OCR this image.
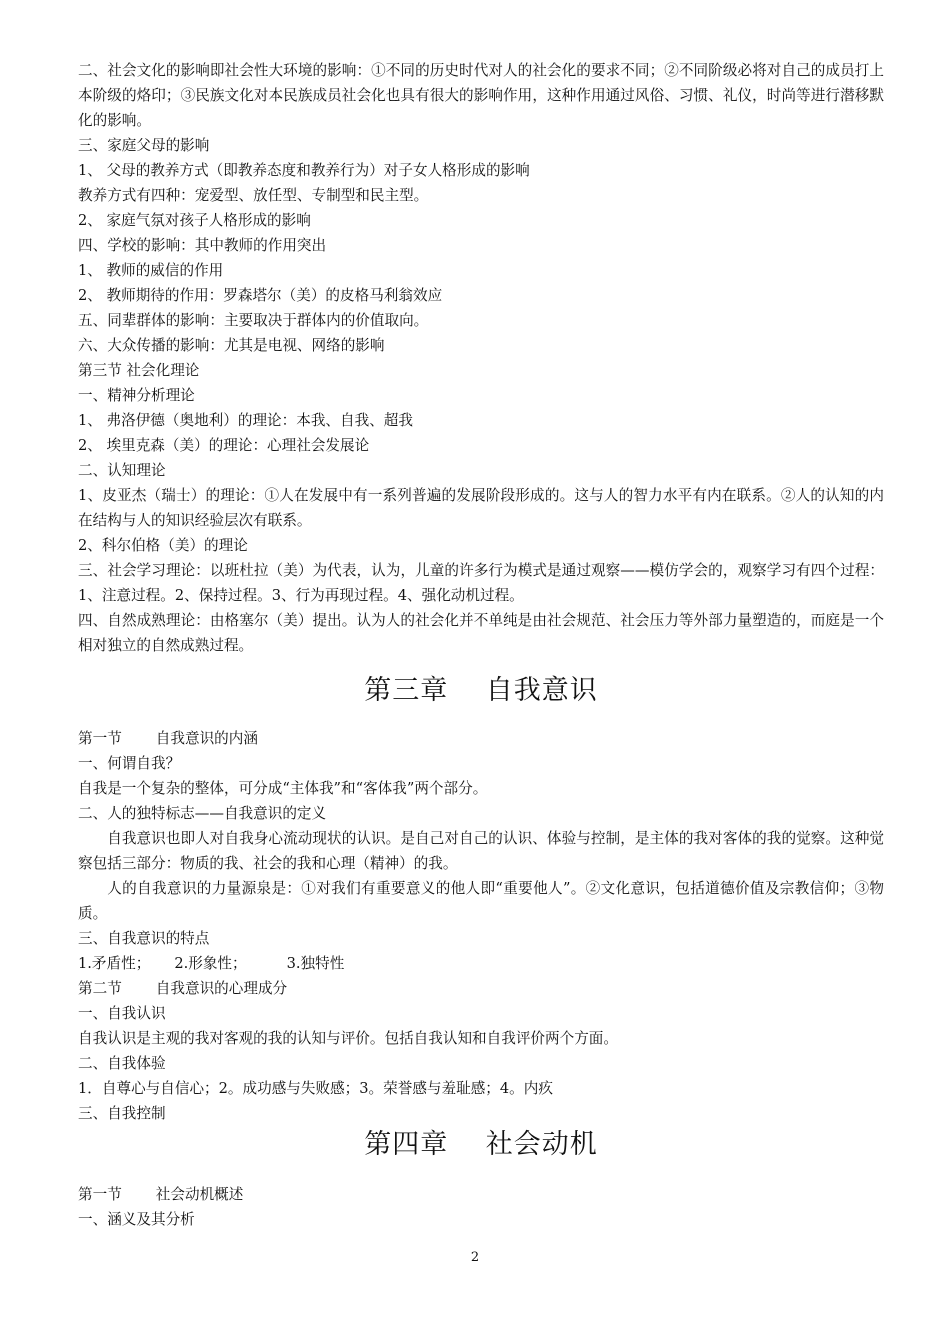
二、社会文化的影响即社会性大环境的影响：①不同的历史时代对人的社会化的要求不同；②不同阶级必将对自己的成员打上本阶级的烙印；③民族文化对本民族成员社会化也具有很大的影响作用，这种作用通过风俗、习惯、礼仪，时尚等进行潜移默化的影响。
三、家庭父母的影响
1、 父母的教养方式（即教养态度和教养行为）对子女人格形成的影响
教养方式有四种：宠爱型、放任型、专制型和民主型。
2、 家庭气氛对孩子人格形成的影响
四、学校的影响：其中教师的作用突出
1、 教师的威信的作用
2、 教师期待的作用：罗森塔尔（美）的皮格马利翁效应
五、同辈群体的影响：主要取决于群体内的价值取向。
六、大众传播的影响：尤其是电视、网络的影响
第三节 社会化理论
一、精神分析理论
1、 弗洛伊德（奥地利）的理论：本我、自我、超我
2、 埃里克森（美）的理论：心理社会发展论
二、认知理论
1、皮亚杰（瑞士）的理论：①人在发展中有一系列普遍的发展阶段形成的。这与人的智力水平有内在联系。②人的认知的内在结构与人的知识经验层次有联系。
2、科尔伯格（美）的理论
三、社会学习理论：以班杜拉（美）为代表，认为，儿童的许多行为模式是通过观察——模仿学会的，观察学习有四个过程：1、注意过程。2、保持过程。3、行为再现过程。4、强化动机过程。
四、自然成熟理论：由格塞尔（美）提出。认为人的社会化并不单纯是由社会规范、社会压力等外部力量塑造的，而庭是一个相对独立的自然成熟过程。
第三章　 自我意识
第一节 自我意识的内涵
一、何谓自我？
自我是一个复杂的整体，可分成“主体我”和“客体我”两个部分。
二、人的独特标志——自我意识的定义
自我意识也即人对自我身心流动现状的认识。是自己对自己的认识、体验与控制，是主体的我对客体的我的觉察。这种觉察包括三部分：物质的我、社会的我和心理（精神）的我。
人的自我意识的力量源泉是：①对我们有重要意义的他人即“重要他人”。②文化意识，包括道德价值及宗教信仰；③物质。
三、自我意识的特点
1.矛盾性； 2.形象性；	3.独特性
第二节 自我意识的心理成分
一、自我认识
自我认识是主观的我对客观的我的认知与评价。包括自我认知和自我评价两个方面。
二、自我体验
1．自尊心与自信心；2。成功感与失败感；3。荣誉感与羞耻感；4。内疚
三、自我控制
第四章　 社会动机
第一节 社会动机概述
一、涵义及其分析
2
